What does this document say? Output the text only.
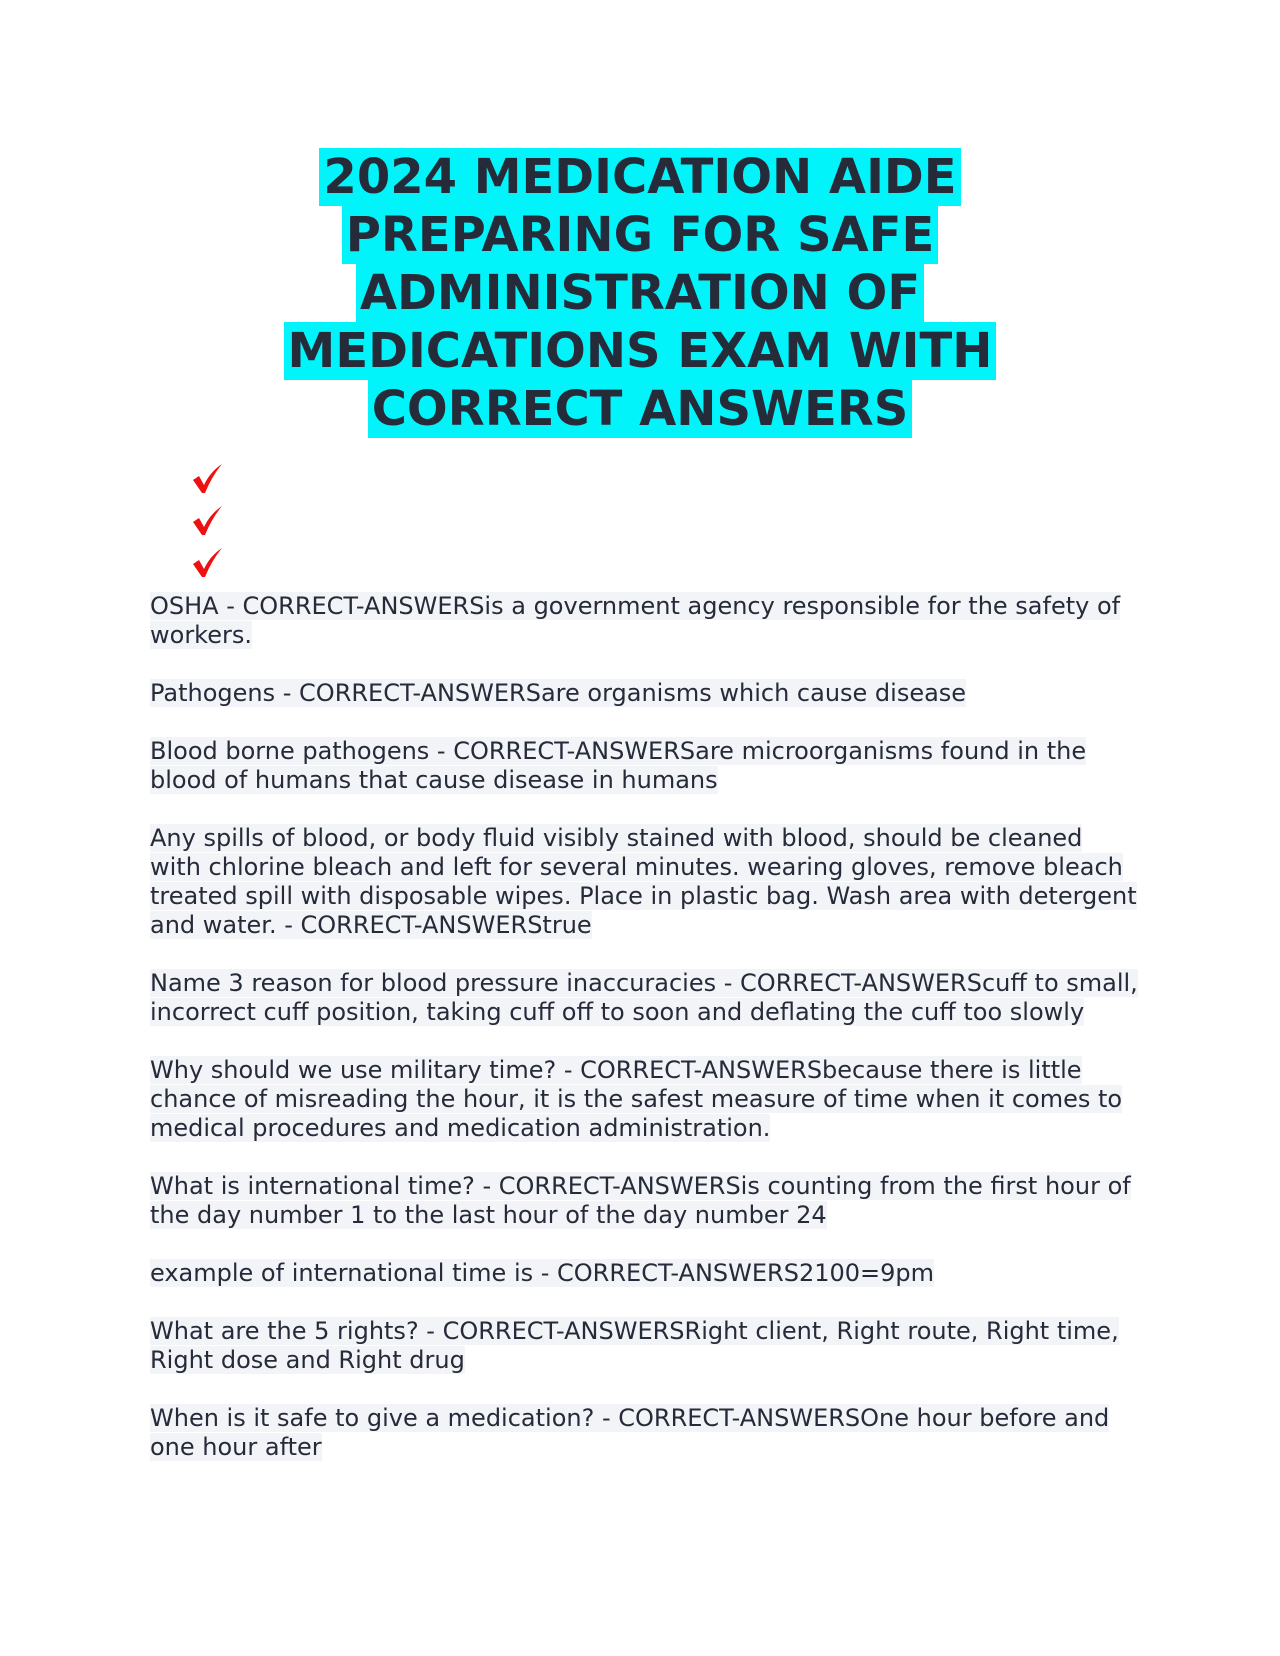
2024 MEDICATION AIDE
PREPARING FOR SAFE
ADMINISTRATION OF
MEDICATIONS EXAM WITH
CORRECT ANSWERS

OSHA - CORRECT-ANSWERSis a government agency responsible for the safety of workers.

Pathogens - CORRECT-ANSWERSare organisms which cause disease

Blood borne pathogens - CORRECT-ANSWERSare microorganisms found in the blood of humans that cause disease in humans

Any spills of blood, or body fluid visibly stained with blood, should be cleaned with chlorine bleach and left for several minutes. wearing gloves, remove bleach treated spill with disposable wipes. Place in plastic bag. Wash area with detergent and water. - CORRECT-ANSWERStrue

Name 3 reason for blood pressure inaccuracies - CORRECT-ANSWERScuff to small, incorrect cuff position, taking cuff off to soon and deflating the cuff too slowly

Why should we use military time? - CORRECT-ANSWERSbecause there is little chance of misreading the hour, it is the safest measure of time when it comes to medical procedures and medication administration.

What is international time? - CORRECT-ANSWERSis counting from the first hour of the day number 1 to the last hour of the day number 24

example of international time is - CORRECT-ANSWERS2100=9pm

What are the 5 rights? - CORRECT-ANSWERSRight client, Right route, Right time, Right dose and Right drug

When is it safe to give a medication? - CORRECT-ANSWERSOne hour before and one hour after
